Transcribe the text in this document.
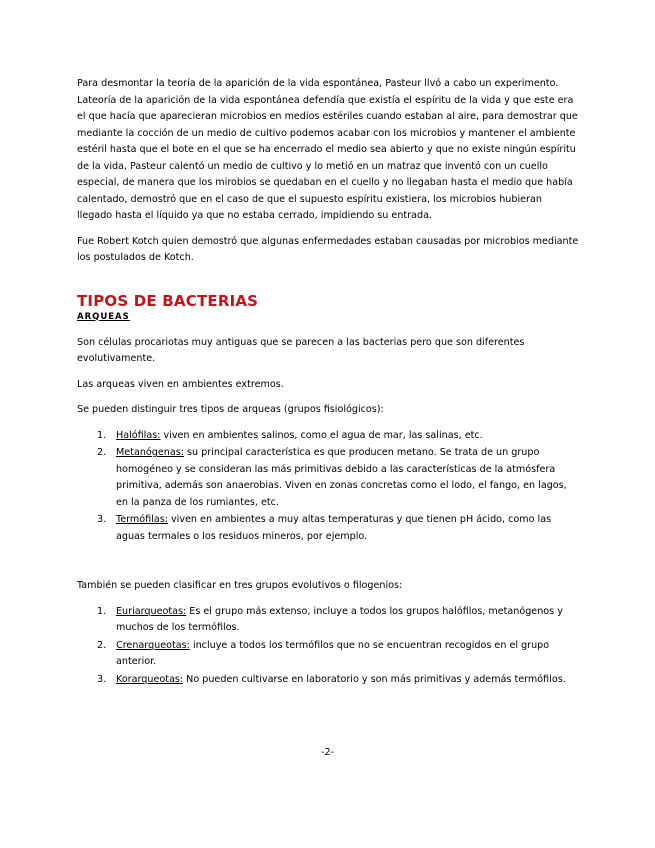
Para desmontar la teoría de la aparición de la vida espontánea, Pasteur llvó a cabo un experimento. Lateoría de la aparición de la vida espontánea defendía que existía el espíritu de la vida y que este era el que hacía que aparecieran microbios en medios estériles cuando estaban al aire, para demostrar que mediante la cocción de un medio de cultivo podemos acabar con los microbios y mantener el ambiente estéril hasta que el bote en el que se ha encerrado el medio sea abierto y que no existe ningún espíritu de la vida, Pasteur calentó un medio de cultivo y lo metió en un matraz que inventó con un cuello especial, de manera que los mirobios se quedaban en el cuello y no llegaban hasta el medio que había calentado, demostró que en el caso de que el supuesto espíritu existiera, los microbios hubieran llegado hasta el líquido ya que no estaba cerrado, impidiendo su entrada.

Fue Robert Kotch quien demostró que algunas enfermedades estaban causadas por microbios mediante los postulados de Kotch.

TIPOS DE BACTERIAS
ARQUEAS

Son células procariotas muy antiguas que se parecen a las bacterias pero que son diferentes evolutivamente.

Las arqueas viven en ambientes extremos.

Se pueden distinguir tres tipos de arqueas (grupos fisiológicos):

1. Halófilas: viven en ambientes salinos, como el agua de mar, las salinas, etc.
2. Metanógenas: su principal característica es que producen metano. Se trata de un grupo homogéneo y se consideran las más primitivas debido a las características de la atmósfera primitiva, además son anaerobias. Viven en zonas concretas como el lodo, el fango, en lagos, en la panza de los rumiantes, etc.
3. Termófilas: viven en ambientes a muy altas temperaturas y que tienen pH ácido, como las aguas termales o los residuos mineros, por ejemplo.

También se pueden clasificar en tres grupos evolutivos o filogenios:

1. Euriarqueotas: Es el grupo más extenso, incluye a todos los grupos halófilos, metanógenos y muchos de los termófilos.
2. Crenarqueotas: incluye a todos los termófilos que no se encuentran recogidos en el grupo anterior.
3. Korarqueotas: No pueden cultivarse en laboratorio y son más primitivas y además termófilos.
-2-
